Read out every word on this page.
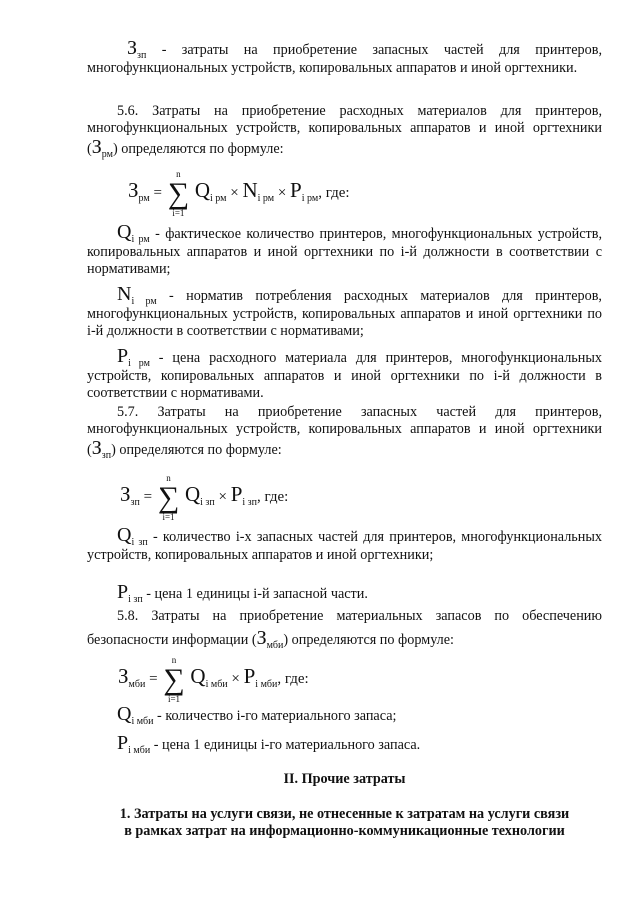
$З_{зп}$ - затраты на приобретение запасных частей для принтеров, многофункциональных устройств, копировальных аппаратов и иной оргтехники.
5.6. Затраты на приобретение расходных материалов для принтеров, многофункциональных устройств, копировальных аппаратов и иной оргтехники $(З_{рм})$ определяются по формуле:
$З_{рм}$ = ∑
n
i=1
$Q_{i рм} \times N_{i рм} \times P_{i рм}$, где:
$Q_{i рм}$ - фактическое количество принтеров, многофункциональных устройств, копировальных аппаратов и иной оргтехники по i-й должности в соответствии с нормативами;
$N_{i рм}$ - норматив потребления расходных материалов для принтеров, многофункциональных устройств, копировальных аппаратов и иной оргтехники по i-й должности в соответствии с нормативами;
$P_{i рм}$ - цена расходного материала для принтеров, многофункциональных устройств, копировальных аппаратов и иной оргтехники по i-й должности в соответствии с нормативами.
5.7. Затраты на приобретение запасных частей для принтеров, многофункциональных устройств, копировальных аппаратов и иной оргтехники $(З_{зп})$ определяются по формуле:
$З_{зп}$ = ∑
n
i=1
$Q_{i зп} \times P_{i зп}$, где:
$Q_{i зп}$ - количество i-х запасных частей для принтеров, многофункциональных устройств, копировальных аппаратов и иной оргтехники;
$P_{i зп}$ - цена 1 единицы i-й запасной части.
5.8. Затраты на приобретение материальных запасов по обеспечению безопасности информации $(З_{мби})$ определяются по формуле:
$З_{мби}$ = ∑
n
i=1
$Q_{i мби} \times P_{i мби}$, где:
$Q_{i мби}$ - количество i-го материального запаса;
$P_{i мби}$ - цена 1 единицы i-го материального запаса.
II. Прочие затраты
1. Затраты на услуги связи, не отнесенные к затратам на услуги связи
в рамках затрат на информационно-коммуникационные технологии
